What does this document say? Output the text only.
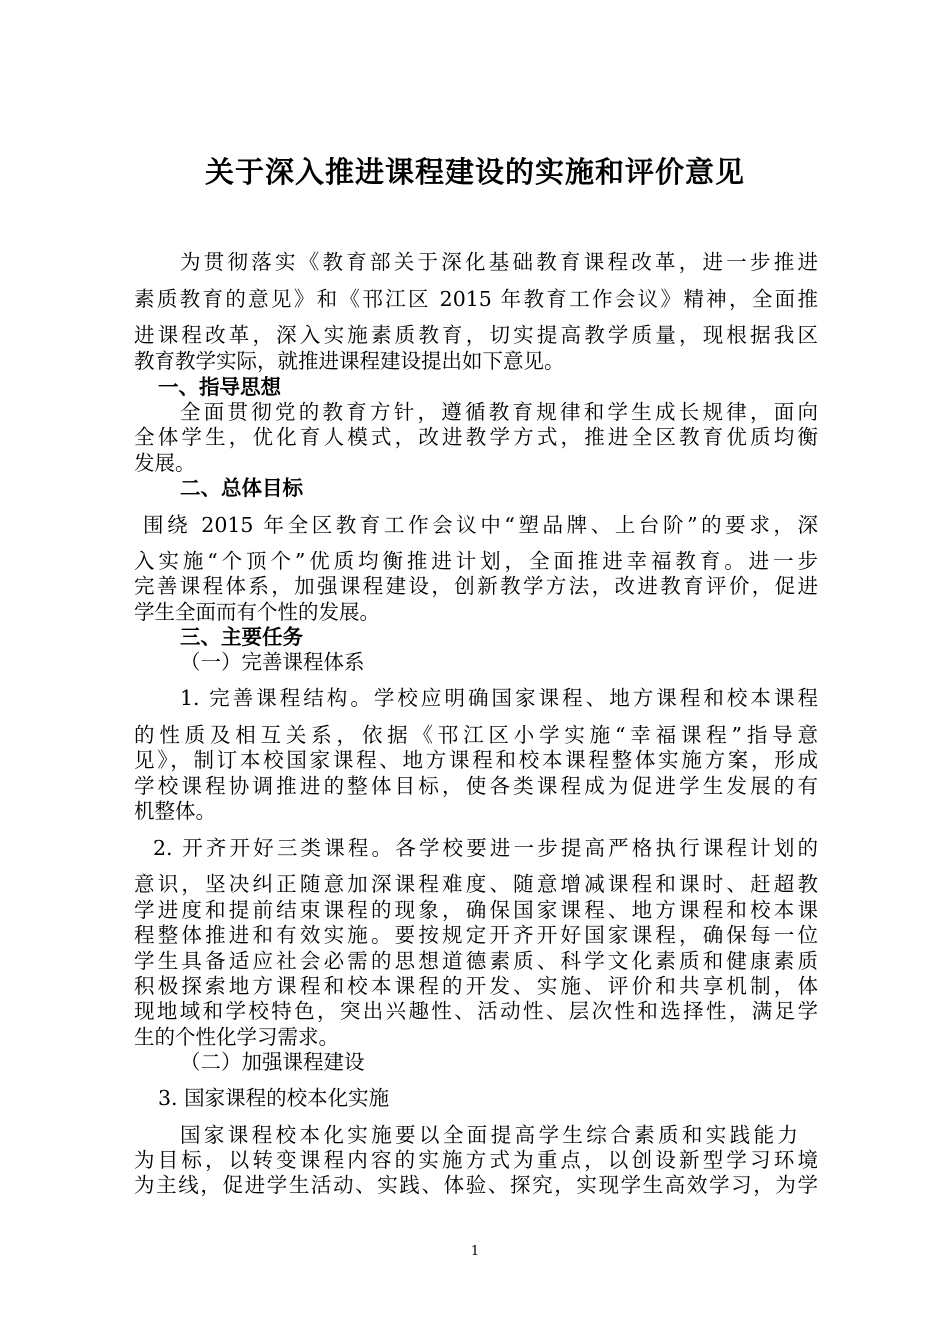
关于深入推进课程建设的实施和评价意见
为贯彻落实《教育部关于深化基础教育课程改革，进一步推进
素质教育的意见》和《邗江区 2015 年教育工作会议》精神，全面推
进课程改革，深入实施素质教育，切实提高教学质量，现根据我区
教育教学实际，就推进课程建设提出如下意见。
一、指导思想
全面贯彻党的教育方针，遵循教育规律和学生成长规律，面向
全体学生，优化育人模式，改进教学方式，推进全区教育优质均衡
发展。
二、总体目标
围绕 2015 年全区教育工作会议中“塑品牌、上台阶”的要求，深
入实施“个顶个”优质均衡推进计划，全面推进幸福教育。进一步
完善课程体系，加强课程建设，创新教学方法，改进教育评价，促进
学生全面而有个性的发展。
三、主要任务
（一）完善课程体系
1. 完善课程结构。学校应明确国家课程、地方课程和校本课程
的性质及相互关系，依据《邗江区小学实施“幸福课程”指导意
见》，制订本校国家课程、地方课程和校本课程整体实施方案，形成
学校课程协调推进的整体目标，使各类课程成为促进学生发展的有
机整体。
2. 开齐开好三类课程。各学校要进一步提高严格执行课程计划的
意识，坚决纠正随意加深课程难度、随意增减课程和课时、赶超教
学进度和提前结束课程的现象，确保国家课程、地方课程和校本课
程整体推进和有效实施。要按规定开齐开好国家课程，确保每一位
学生具备适应社会必需的思想道德素质、科学文化素质和健康素质
积极探索地方课程和校本课程的开发、实施、评价和共享机制，体
现地域和学校特色，突出兴趣性、活动性、层次性和选择性，满足学
生的个性化学习需求。
（二）加强课程建设
3. 国家课程的校本化实施
国家课程校本化实施要以全面提高学生综合素质和实践能力
为目标，以转变课程内容的实施方式为重点，以创设新型学习环境
为主线，促进学生活动、实践、体验、探究，实现学生高效学习，为学
1
